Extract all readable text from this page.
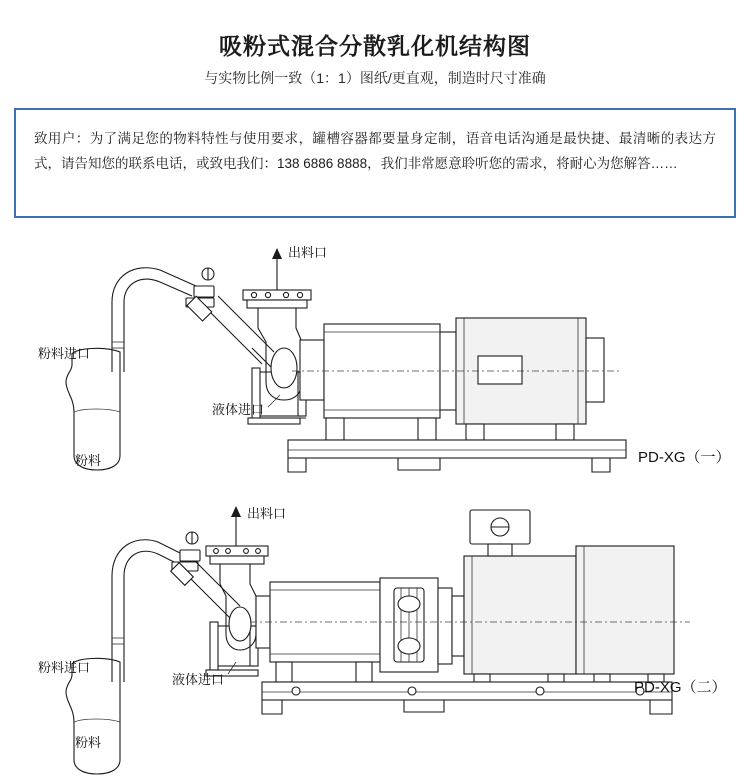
吸粉式混合分散乳化机结构图
与实物比例一致（1：1）图纸/更直观，制造时尺寸准确

致用户：为了满足您的物料特性与使用要求，罐槽容器都要量身定制，语音电话沟通是最快捷、最清晰的表达方式，请告知您的联系电话，或致电我们：138 6886 8888，我们非常愿意聆听您的需求，将耐心为您解答……

出料口
粉料
粉料进口
液体进口
PD-XG（一）
出料口
粉料
粉料进口
液体进口	PD-XG（二）
